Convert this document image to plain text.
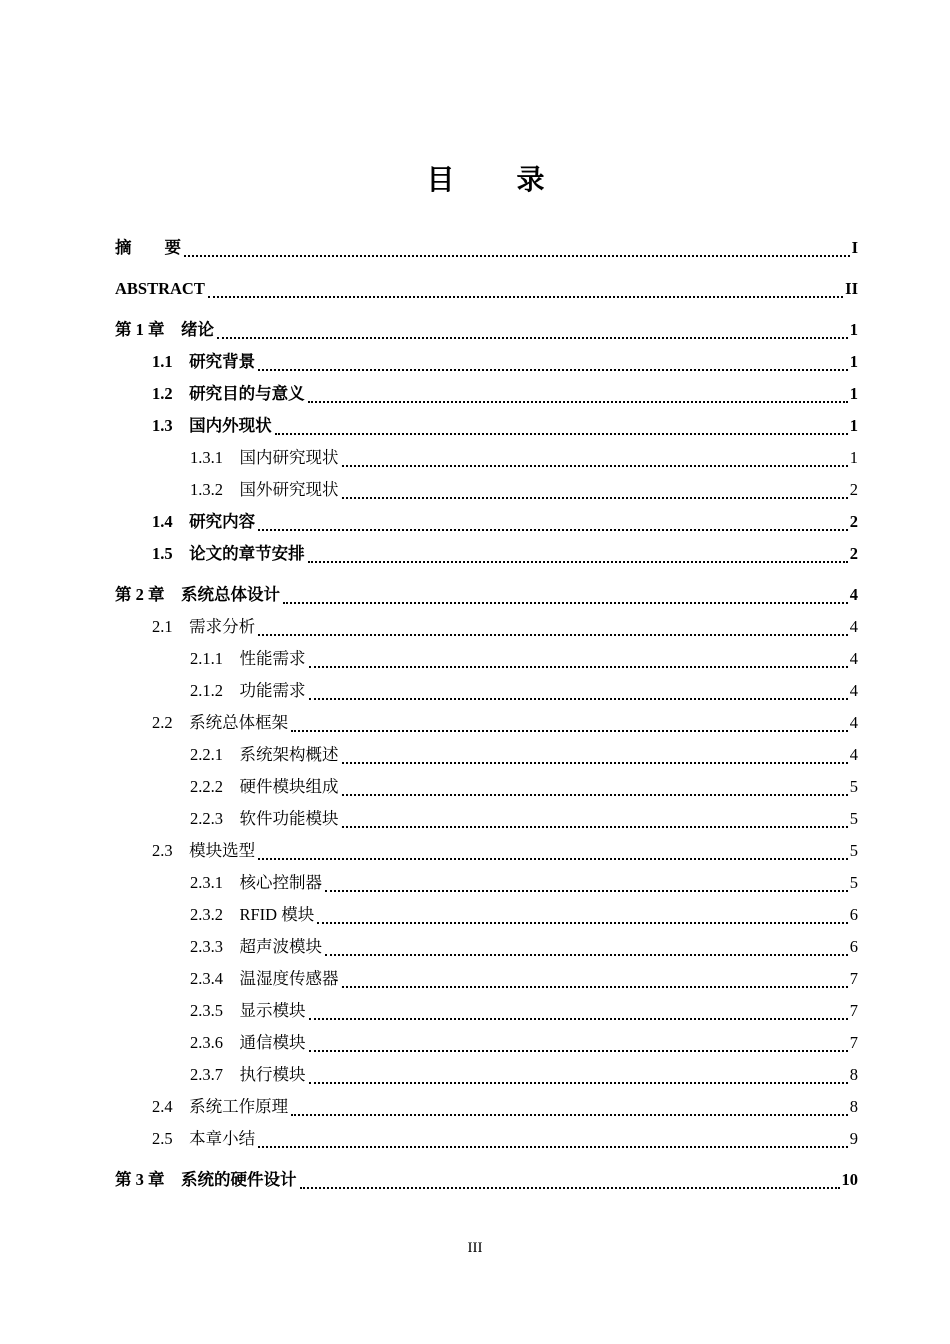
目　　录
摘　　要	I
ABSTRACT	II
第 1 章　绪论	1
1.1　研究背景	1
1.2　研究目的与意义	1
1.3　国内外现状	1
1.3.1　国内研究现状	1
1.3.2　国外研究现状	2
1.4　研究内容	2
1.5　论文的章节安排	2
第 2 章　系统总体设计	4
2.1　需求分析	4
2.1.1　性能需求	4
2.1.2　功能需求	4
2.2　系统总体框架	4
2.2.1　系统架构概述	4
2.2.2　硬件模块组成	5
2.2.3　软件功能模块	5
2.3　模块选型	5
2.3.1　核心控制器	5
2.3.2　RFID 模块	6
2.3.3　超声波模块	6
2.3.4　温湿度传感器	7
2.3.5　显示模块	7
2.3.6　通信模块	7
2.3.7　执行模块	8
2.4　系统工作原理	8
2.5　本章小结	9
第 3 章　系统的硬件设计	10
III
